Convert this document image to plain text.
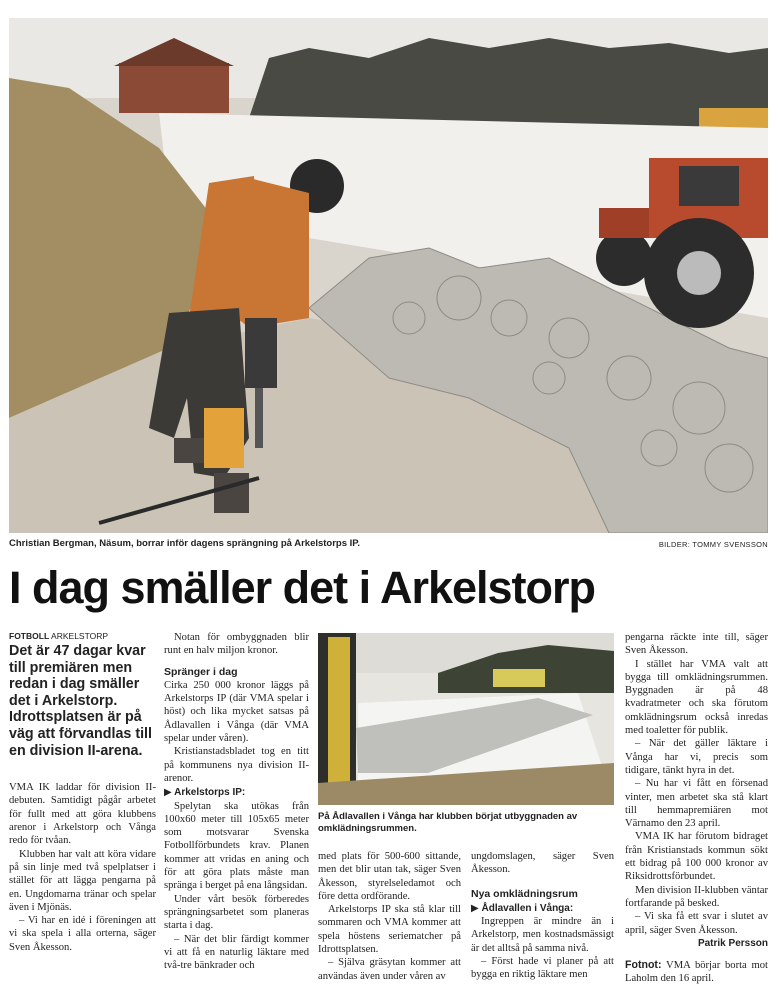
Christian Bergman, Näsum, borrar inför dagens sprängning på Arkelstorps IP.	BILDER: TOMMY SVENSSON
I dag smäller det i Arkelstorp
FOTBOLL ARKELSTORP
Det är 47 dagar kvar till premiären men redan i dag smäller det i Arkelstorp. Idrottsplatsen är på väg att förvandlas till en division II-arena.

VMA IK laddar för division II-debuten. Samtidigt pågår arbetet för fullt med att göra klubbens arenor i Arkelstorp och Vånga redo för tvåan.

Klubben har valt att köra vidare på sin linje med två spelplatser i stället för att lägga pengarna på en. Ungdomarna tränar och spelar även i Mjönäs.

– Vi har en idé i föreningen att vi ska spela i alla orterna, säger Sven Åkesson.

Notan för ombyggnaden blir runt en halv miljon kronor.

Spränger i dag

Cirka 250 000 kronor läggs på Arkelstorps IP (där VMA spelar i höst) och lika mycket satsas på Ådlavallen i Vånga (där VMA spelar under våren).

Kristianstadsbladet tog en titt på kommunens nya division II-arenor.

▶ Arkelstorps IP:

Spelytan ska utökas från 100x60 meter till 105x65 meter som motsvarar Svenska Fotbollförbundets krav. Planen kommer att vridas en aning och för att göra plats måste man spränga i berget på ena långsidan.

Under vårt besök förberedes sprängningsarbetet som planeras starta i dag.

– När det blir färdigt kommer vi att få en naturlig läktare med två-tre bänkrader och

På Ådlavallen i Vånga har klubben börjat utbyggnaden av omklädningsrummen.

med plats för 500-600 sittande, men det blir utan tak, säger Sven Åkesson, styrelseledamot och före detta ordförande.

Arkelstorps IP ska stå klar till sommaren och VMA kommer att spela höstens seriematcher på Idrottsplatsen.

– Själva gräsytan kommer att användas även under våren av

ungdomslagen, säger Sven Åkesson.

Nya omklädningsrum
▶ Ådlavallen i Vånga:

Ingreppen är mindre än i Arkelstorp, men kostnadsmässigt är det alltså på samma nivå.

– Först hade vi planer på att bygga en riktig läktare men

pengarna räckte inte till, säger Sven Åkesson.

I stället har VMA valt att bygga till omklädningsrummen. Byggnaden är på 48 kvadratmeter och ska förutom omklädningsrum också inredas med toaletter för publik.

– När det gäller läktare i Vånga har vi, precis som tidigare, tänkt hyra in det.

– Nu har vi fått en försenad vinter, men arbetet ska stå klart till hemmapremiären mot Värnamo den 23 april.

VMA IK har förutom bidraget från Kristianstads kommun sökt ett bidrag på 100 000 kronor av Riksidrottsförbundet.

Men division II-klubben väntar fortfarande på besked.

– Vi ska få ett svar i slutet av april, säger Sven Åkesson.

Patrik Persson

Fotnot: VMA börjar borta mot Laholm den 16 april.
